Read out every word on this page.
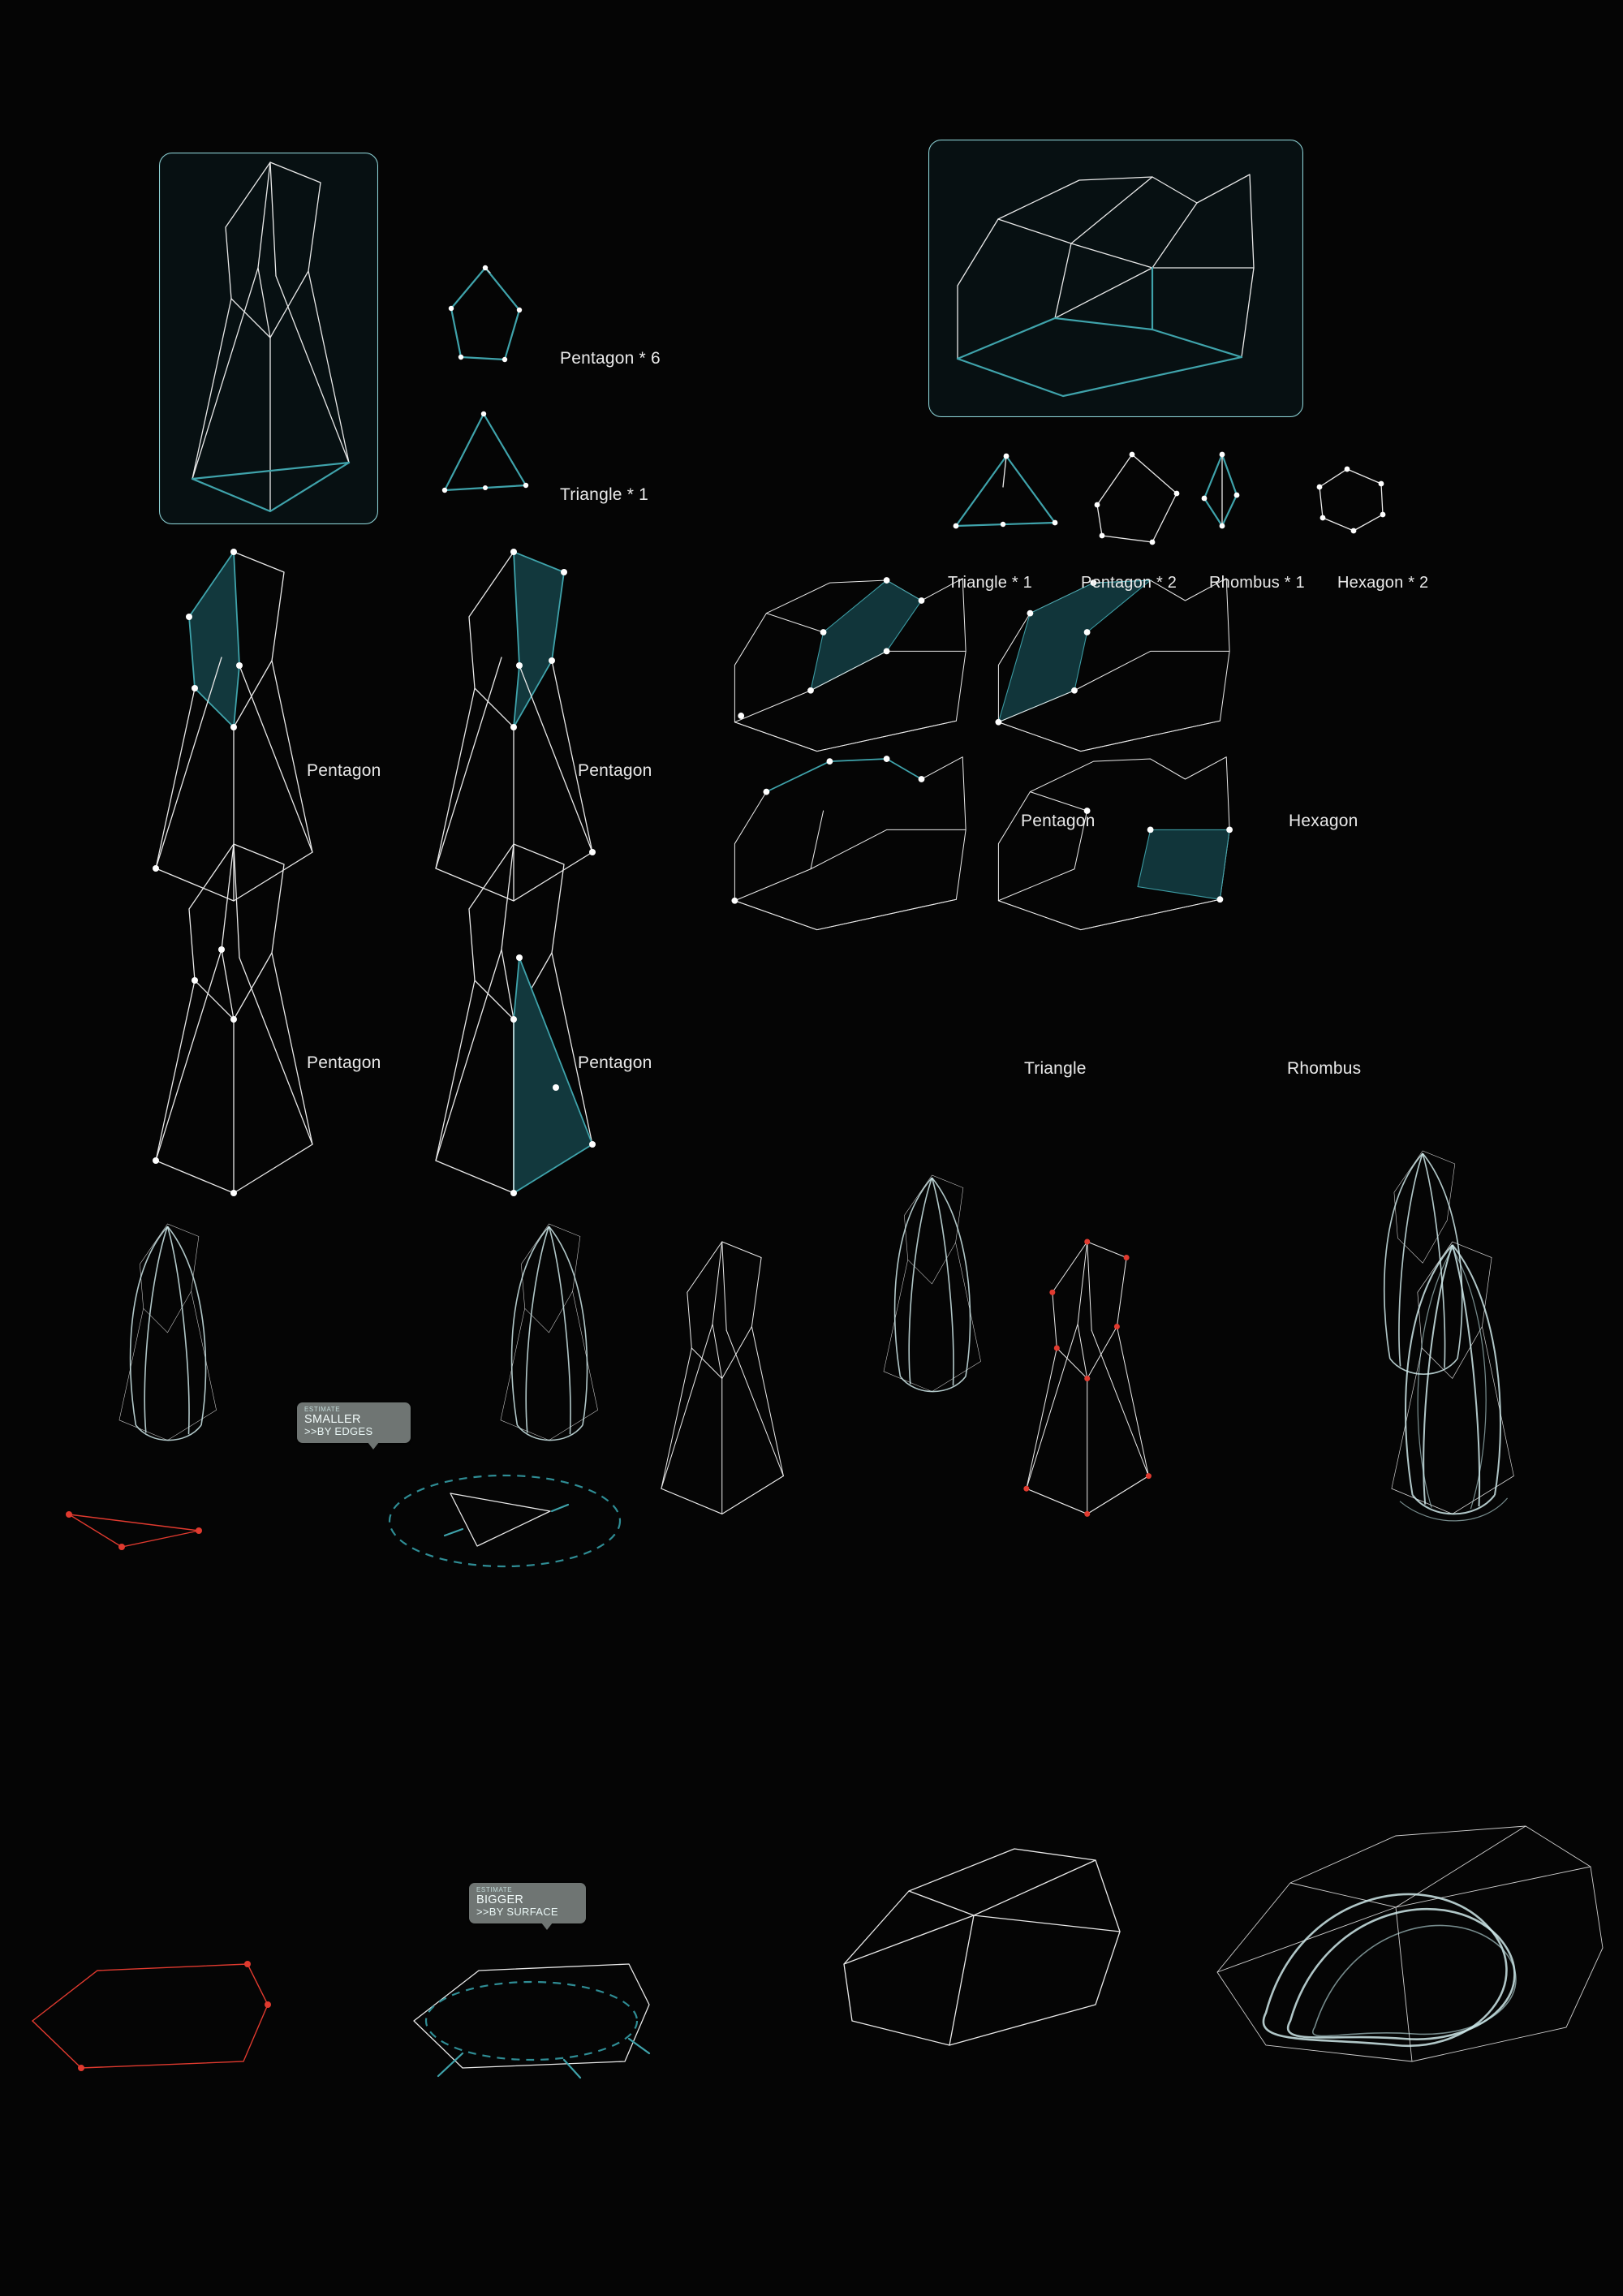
Pentagon * 6
Triangle * 1
Pentagon	Pentagon
Pentagon	Pentagon
Triangle * 1	Pentagon * 2 Rhombus * 1 Hexagon * 2
Pentagon	Hexagon
Triangle	Rhombus
ESTIMATE
SMALLER
>>BY EDGES
ESTIMATE
BIGGER
>>BY SURFACE
